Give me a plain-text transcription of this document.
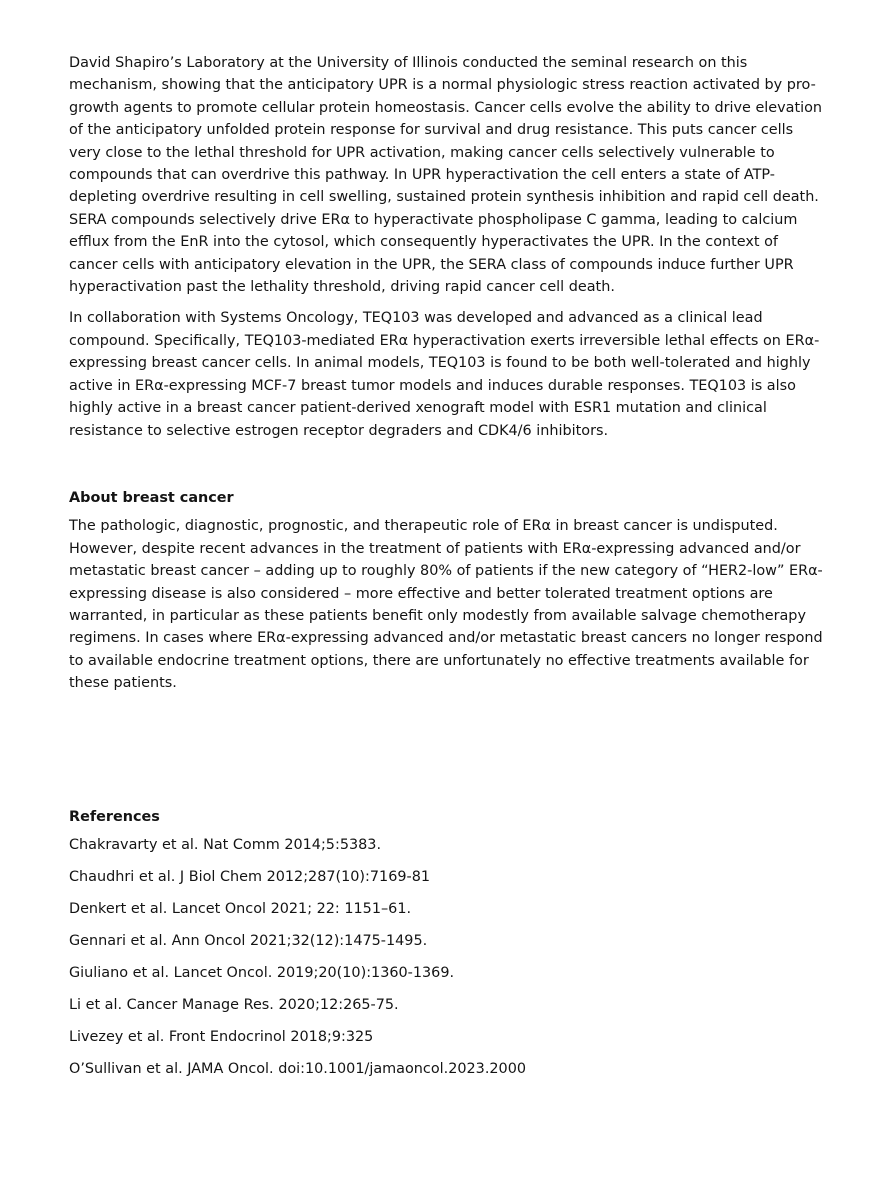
David Shapiro’s Laboratory at the University of Illinois conducted the seminal research on this mechanism, showing that the anticipatory UPR is a normal physiologic stress reaction activated by pro-growth agents to promote cellular protein homeostasis. Cancer cells evolve the ability to drive elevation of the anticipatory unfolded protein response for survival and drug resistance. This puts cancer cells very close to the lethal threshold for UPR activation, making cancer cells selectively vulnerable to compounds that can overdrive this pathway. In UPR hyperactivation the cell enters a state of ATP-depleting overdrive resulting in cell swelling, sustained protein synthesis inhibition and rapid cell death. SERA compounds selectively drive ERα to hyperactivate phospholipase C gamma, leading to calcium efflux from the EnR into the cytosol, which consequently hyperactivates the UPR. In the context of cancer cells with anticipatory elevation in the UPR, the SERA class of compounds induce further UPR hyperactivation past the lethality threshold, driving rapid cancer cell death.

In collaboration with Systems Oncology, TEQ103 was developed and advanced as a clinical lead compound. Specifically, TEQ103-mediated ERα hyperactivation exerts irreversible lethal effects on ERα-expressing breast cancer cells. In animal models, TEQ103 is found to be both well-tolerated and highly active in ERα-expressing MCF-7 breast tumor models and induces durable responses. TEQ103 is also highly active in a breast cancer patient-derived xenograft model with ESR1 mutation and clinical resistance to selective estrogen receptor degraders and CDK4/6 inhibitors.

About breast cancer

The pathologic, diagnostic, prognostic, and therapeutic role of ERα in breast cancer is undisputed. However, despite recent advances in the treatment of patients with ERα-expressing advanced and/or metastatic breast cancer – adding up to roughly 80% of patients if the new category of “HER2-low” ERα-expressing disease is also considered – more effective and better tolerated treatment options are warranted, in particular as these patients benefit only modestly from available salvage chemotherapy regimens. In cases where ERα-expressing advanced and/or metastatic breast cancers no longer respond to available endocrine treatment options, there are unfortunately no effective treatments available for these patients.

References
Chakravarty et al. Nat Comm 2014;5:5383.
Chaudhri et al. J Biol Chem 2012;287(10):7169-81
Denkert et al. Lancet Oncol 2021; 22: 1151–61.
Gennari et al. Ann Oncol 2021;32(12):1475-1495.
Giuliano et al. Lancet Oncol. 2019;20(10):1360-1369.
Li et al. Cancer Manage Res. 2020;12:265-75.
Livezey et al. Front Endocrinol 2018;9:325
O’Sullivan et al. JAMA Oncol. doi:10.1001/jamaoncol.2023.2000
